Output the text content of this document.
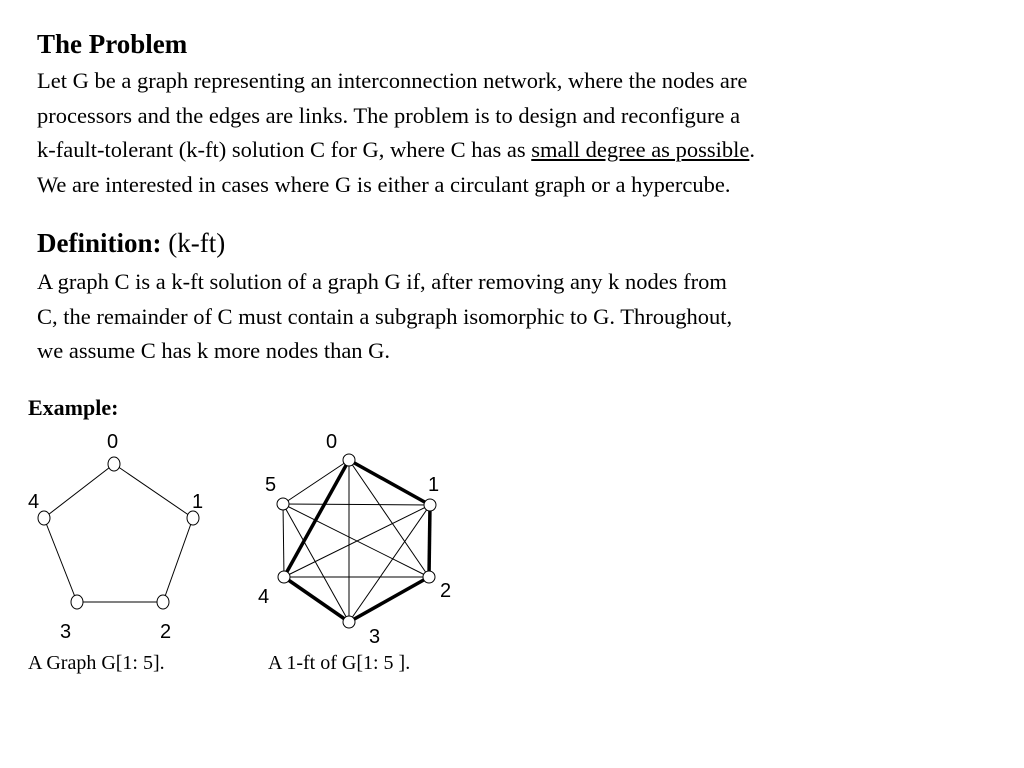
The Problem
Let G be a graph representing an interconnection network, where the nodes are
processors and the edges are links. The problem is to design and reconfigure a
k-fault-tolerant (k-ft) solution C for G, where C has as small degree as possible.
We are interested in cases where G is either a circulant graph or a hypercube.
Definition: (k-ft)
A graph C is a k-ft solution of a graph G if, after removing any k nodes from
C, the remainder of C must contain a subgraph isomorphic to G. Throughout,
we assume C has k more nodes than G.
Example:
0
1
2
3
4
0
1
2
3
4
5
A Graph G[1: 5].	A 1-ft of G[1: 5 ].
